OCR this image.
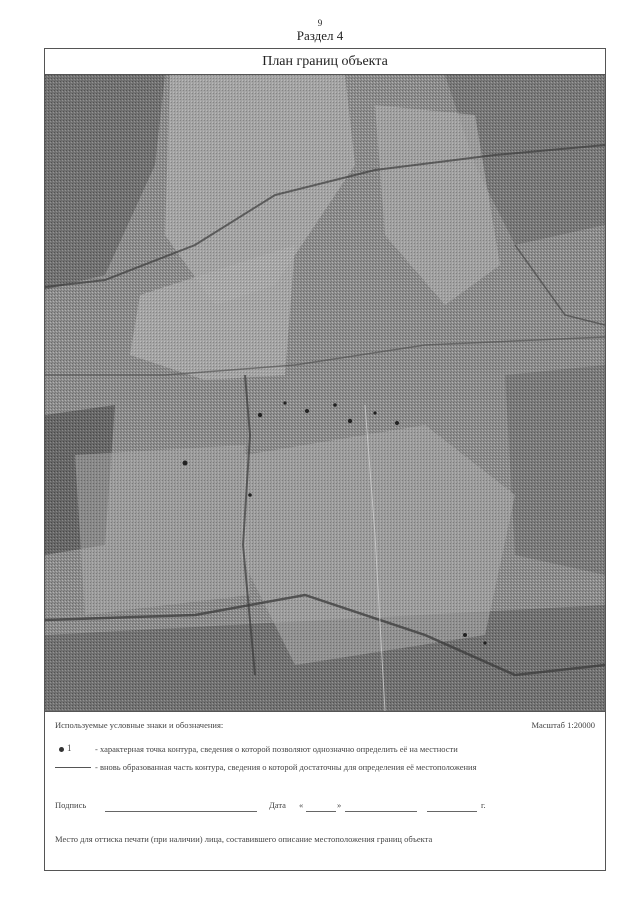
9
Раздел 4
План границ объекта
Используемые условные знаки и обозначения:	Масштаб 1:20000
1	- характерная точка контура, сведения о которой позволяют однозначно определить её на местности
- вновь образованная часть контура, сведения о которой достаточны для определения её местоположения
Подпись	Дата «	»	г.
Место для оттиска печати (при наличии) лица, составившего описание местоположения границ объекта
